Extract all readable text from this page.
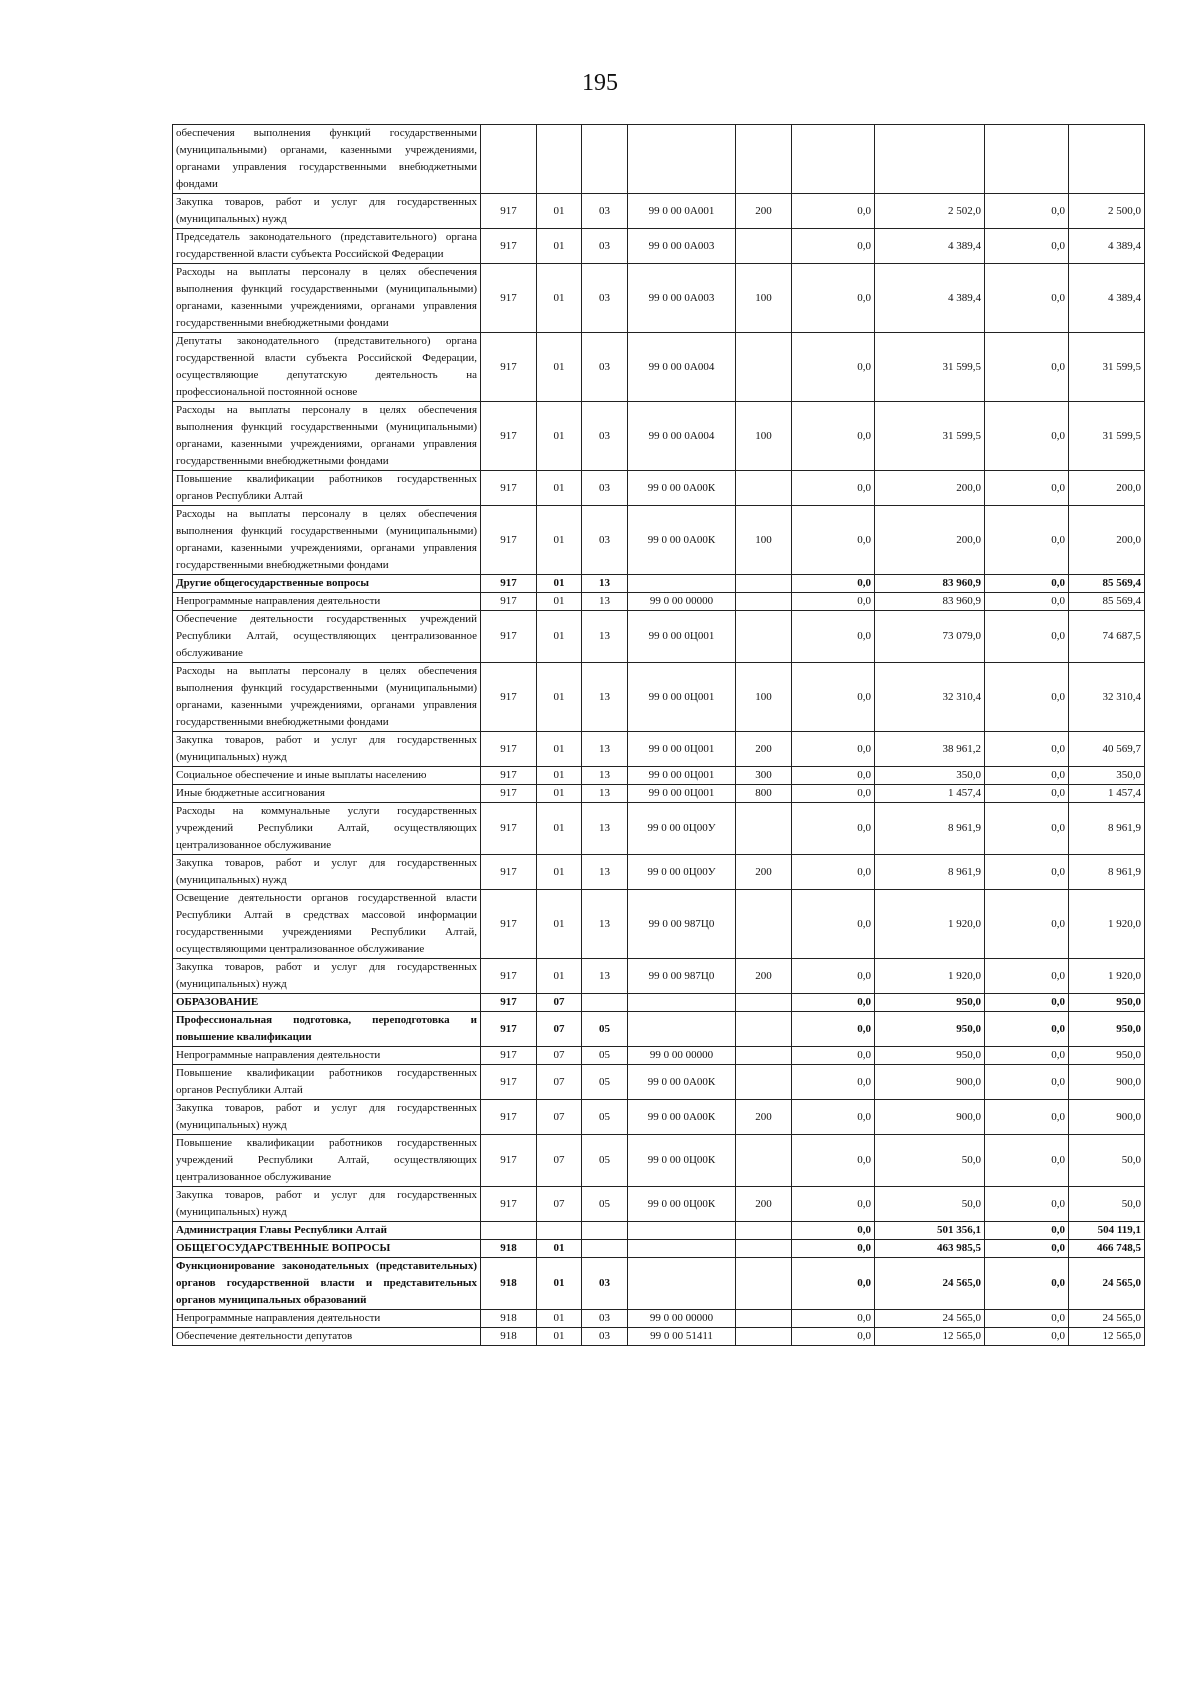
195
обеспечения выполнения функций государственными (муниципальными) органами, казенными учреждениями, органами управления государственными внебюджетными фондами									
Закупка товаров, работ и услуг для государственных (муниципальных) нужд	917	01	03	99 0 00 0А001	200	0,0	2 502,0	0,0	2 500,0
Председатель законодательного (представительного) органа государственной власти субъекта Российской Федерации	917	01	03	99 0 00 0А003		0,0	4 389,4	0,0	4 389,4
Расходы на выплаты персоналу в целях обеспечения выполнения функций государственными (муниципальными) органами, казенными учреждениями, органами управления государственными внебюджетными фондами	917	01	03	99 0 00 0А003	100	0,0	4 389,4	0,0	4 389,4
Депутаты законодательного (представительного) органа государственной власти субъекта Российской Федерации, осуществляющие депутатскую деятельность на профессиональной постоянной основе	917	01	03	99 0 00 0А004		0,0	31 599,5	0,0	31 599,5
Расходы на выплаты персоналу в целях обеспечения выполнения функций государственными (муниципальными) органами, казенными учреждениями, органами управления государственными внебюджетными фондами	917	01	03	99 0 00 0А004	100	0,0	31 599,5	0,0	31 599,5
Повышение квалификации работников государственных органов Республики Алтай	917	01	03	99 0 00 0А00К		0,0	200,0	0,0	200,0
Расходы на выплаты персоналу в целях обеспечения выполнения функций государственными (муниципальными) органами, казенными учреждениями, органами управления государственными внебюджетными фондами	917	01	03	99 0 00 0А00К	100	0,0	200,0	0,0	200,0
Другие общегосударственные вопросы	917	01	13			0,0	83 960,9	0,0	85 569,4
Непрограммные направления деятельности	917	01	13	99 0 00 00000		0,0	83 960,9	0,0	85 569,4
Обеспечение деятельности государственных учреждений Республики Алтай, осуществляющих централизованное обслуживание	917	01	13	99 0 00 0Ц001		0,0	73 079,0	0,0	74 687,5
Расходы на выплаты персоналу в целях обеспечения выполнения функций государственными (муниципальными) органами, казенными учреждениями, органами управления государственными внебюджетными фондами	917	01	13	99 0 00 0Ц001	100	0,0	32 310,4	0,0	32 310,4
Закупка товаров, работ и услуг для государственных (муниципальных) нужд	917	01	13	99 0 00 0Ц001	200	0,0	38 961,2	0,0	40 569,7
Социальное обеспечение и иные выплаты населению	917	01	13	99 0 00 0Ц001	300	0,0	350,0	0,0	350,0
Иные бюджетные ассигнования	917	01	13	99 0 00 0Ц001	800	0,0	1 457,4	0,0	1 457,4
Расходы на коммунальные услуги государственных учреждений Республики Алтай, осуществляющих централизованное обслуживание	917	01	13	99 0 00 0Ц00У		0,0	8 961,9	0,0	8 961,9
Закупка товаров, работ и услуг для государственных (муниципальных) нужд	917	01	13	99 0 00 0Ц00У	200	0,0	8 961,9	0,0	8 961,9
Освещение деятельности органов государственной власти Республики Алтай в средствах массовой информации государственными учреждениями Республики Алтай, осуществляющими централизованное обслуживание	917	01	13	99 0 00 987Ц0		0,0	1 920,0	0,0	1 920,0
Закупка товаров, работ и услуг для государственных (муниципальных) нужд	917	01	13	99 0 00 987Ц0	200	0,0	1 920,0	0,0	1 920,0
ОБРАЗОВАНИЕ	917	07				0,0	950,0	0,0	950,0
Профессиональная подготовка, переподготовка и повышение квалификации	917	07	05			0,0	950,0	0,0	950,0
Непрограммные направления деятельности	917	07	05	99 0 00 00000		0,0	950,0	0,0	950,0
Повышение квалификации работников государственных органов Республики Алтай	917	07	05	99 0 00 0А00К		0,0	900,0	0,0	900,0
Закупка товаров, работ и услуг для государственных (муниципальных) нужд	917	07	05	99 0 00 0А00К	200	0,0	900,0	0,0	900,0
Повышение квалификации работников государственных учреждений Республики Алтай, осуществляющих централизованное обслуживание	917	07	05	99 0 00 0Ц00К		0,0	50,0	0,0	50,0
Закупка товаров, работ и услуг для государственных (муниципальных) нужд	917	07	05	99 0 00 0Ц00К	200	0,0	50,0	0,0	50,0
Администрация Главы Республики Алтай						0,0	501 356,1	0,0	504 119,1
ОБЩЕГОСУДАРСТВЕННЫЕ ВОПРОСЫ	918	01				0,0	463 985,5	0,0	466 748,5
Функционирование законодательных (представительных) органов государственной власти и представительных органов муниципальных образований	918	01	03			0,0	24 565,0	0,0	24 565,0
Непрограммные направления деятельности	918	01	03	99 0 00 00000		0,0	24 565,0	0,0	24 565,0
Обеспечение деятельности депутатов	918	01	03	99 0 00 51411		0,0	12 565,0	0,0	12 565,0
